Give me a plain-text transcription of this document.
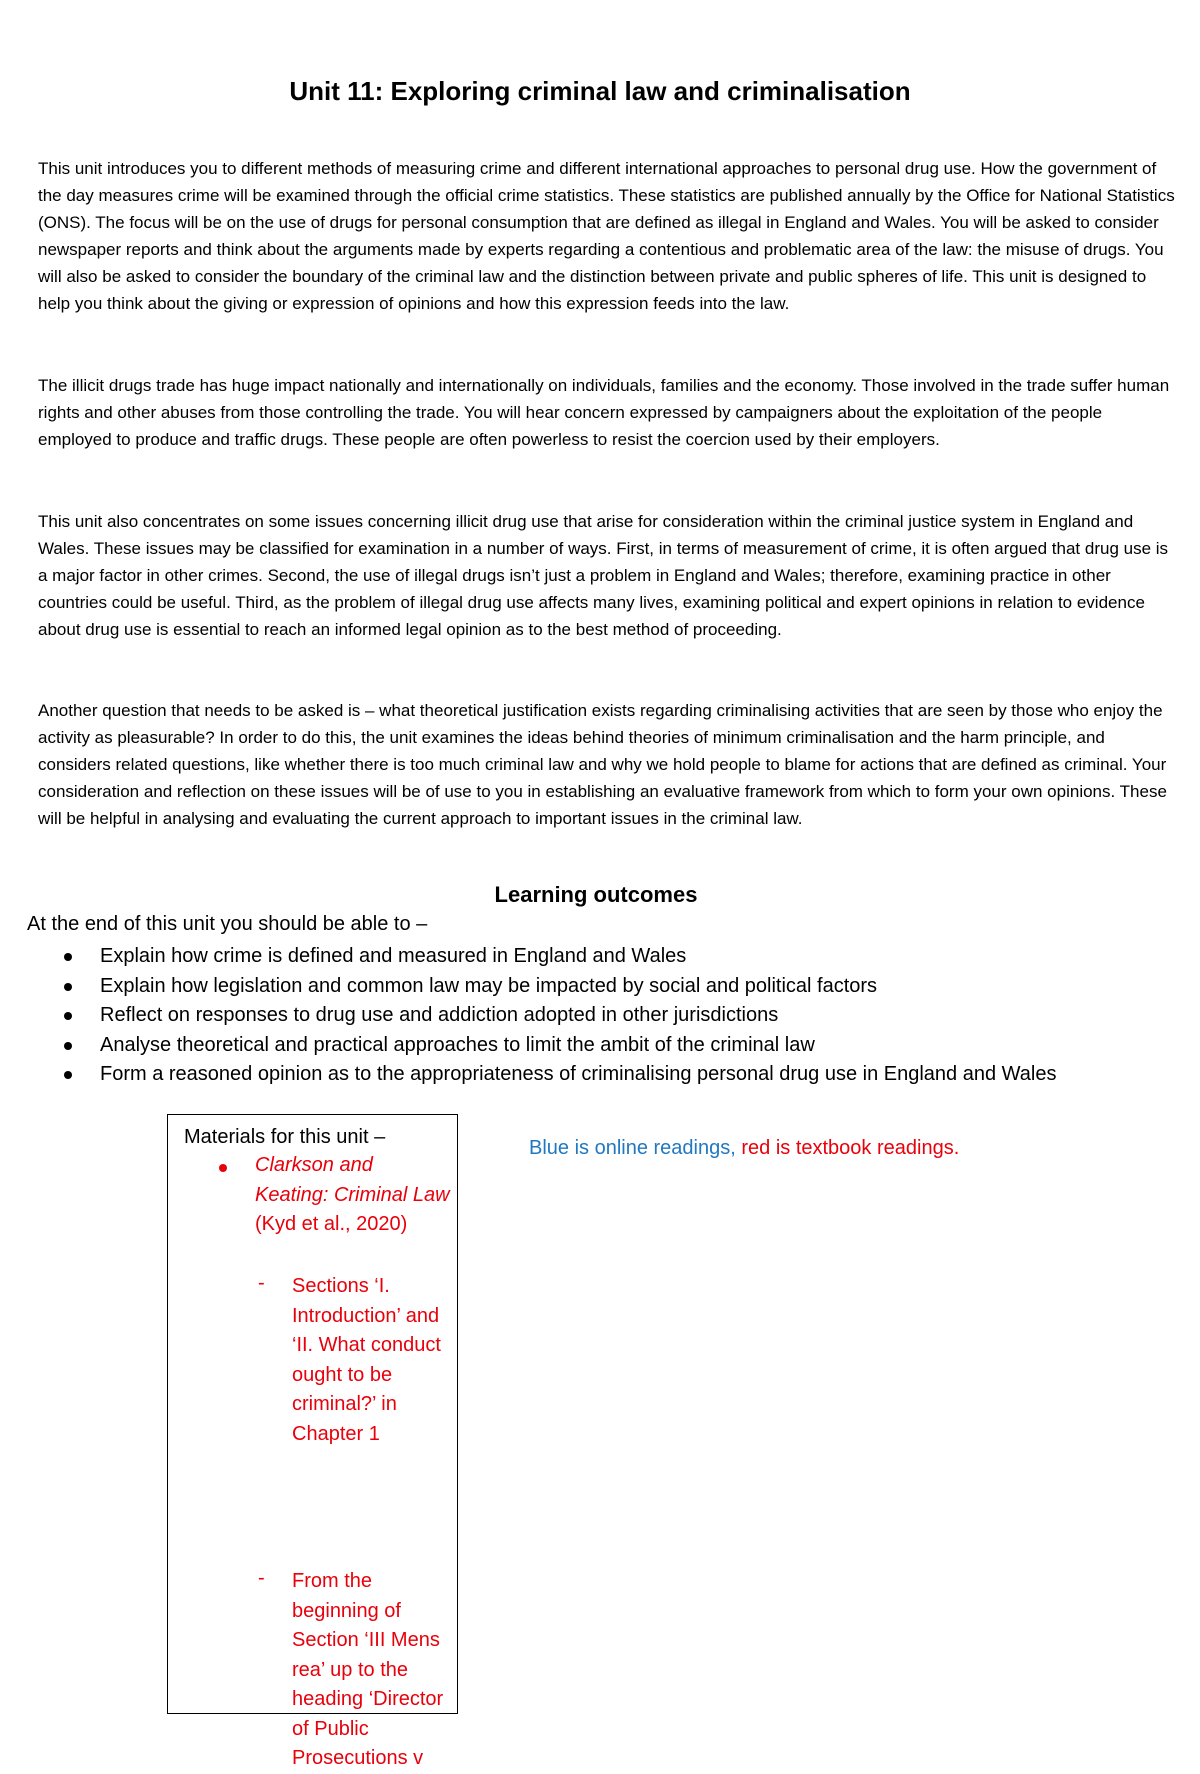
Unit 11: Exploring criminal law and criminalisation

This unit introduces you to different methods of measuring crime and different international approaches to personal drug use. How the government of the day measures crime will be examined through the official crime statistics. These statistics are published annually by the Office for National Statistics (ONS). The focus will be on the use of drugs for personal consumption that are defined as illegal in England and Wales. You will be asked to consider newspaper reports and think about the arguments made by experts regarding a contentious and problematic area of the law: the misuse of drugs. You will also be asked to consider the boundary of the criminal law and the distinction between private and public spheres of life. This unit is designed to help you think about the giving or expression of opinions and how this expression feeds into the law.

The illicit drugs trade has huge impact nationally and internationally on individuals, families and the economy. Those involved in the trade suffer human rights and other abuses from those controlling the trade. You will hear concern expressed by campaigners about the exploitation of the people employed to produce and traffic drugs. These people are often powerless to resist the coercion used by their employers.

This unit also concentrates on some issues concerning illicit drug use that arise for consideration within the criminal justice system in England and Wales. These issues may be classified for examination in a number of ways. First, in terms of measurement of crime, it is often argued that drug use is a major factor in other crimes. Second, the use of illegal drugs isn’t just a problem in England and Wales; therefore, examining practice in other countries could be useful. Third, as the problem of illegal drug use affects many lives, examining political and expert opinions in relation to evidence about drug use is essential to reach an informed legal opinion as to the best method of proceeding.

Another question that needs to be asked is – what theoretical justification exists regarding criminalising activities that are seen by those who enjoy the activity as pleasurable? In order to do this, the unit examines the ideas behind theories of minimum criminalisation and the harm principle, and considers related questions, like whether there is too much criminal law and why we hold people to blame for actions that are defined as criminal. Your consideration and reflection on these issues will be of use to you in establishing an evaluative framework from which to form your own opinions. These will be helpful in analysing and evaluating the current approach to important issues in the criminal law.

Learning outcomes

At the end of this unit you should be able to –

Explain how crime is defined and measured in England and Wales
Explain how legislation and common law may be impacted by social and political factors
Reflect on responses to drug use and addiction adopted in other jurisdictions
Analyse theoretical and practical approaches to limit the ambit of the criminal law
Form a reasoned opinion as to the appropriateness of criminalising personal drug use in England and Wales

Materials for this unit –

Clarkson and Keating: Criminal Law (Kyd et al., 2020)

- Sections ‘I. Introduction’ and ‘II. What conduct ought to be criminal?’ in Chapter 1

- From the beginning of Section ‘III Mens rea’ up to the heading ‘Director of Public Prosecutions v

Blue is online readings, red is textbook readings.
